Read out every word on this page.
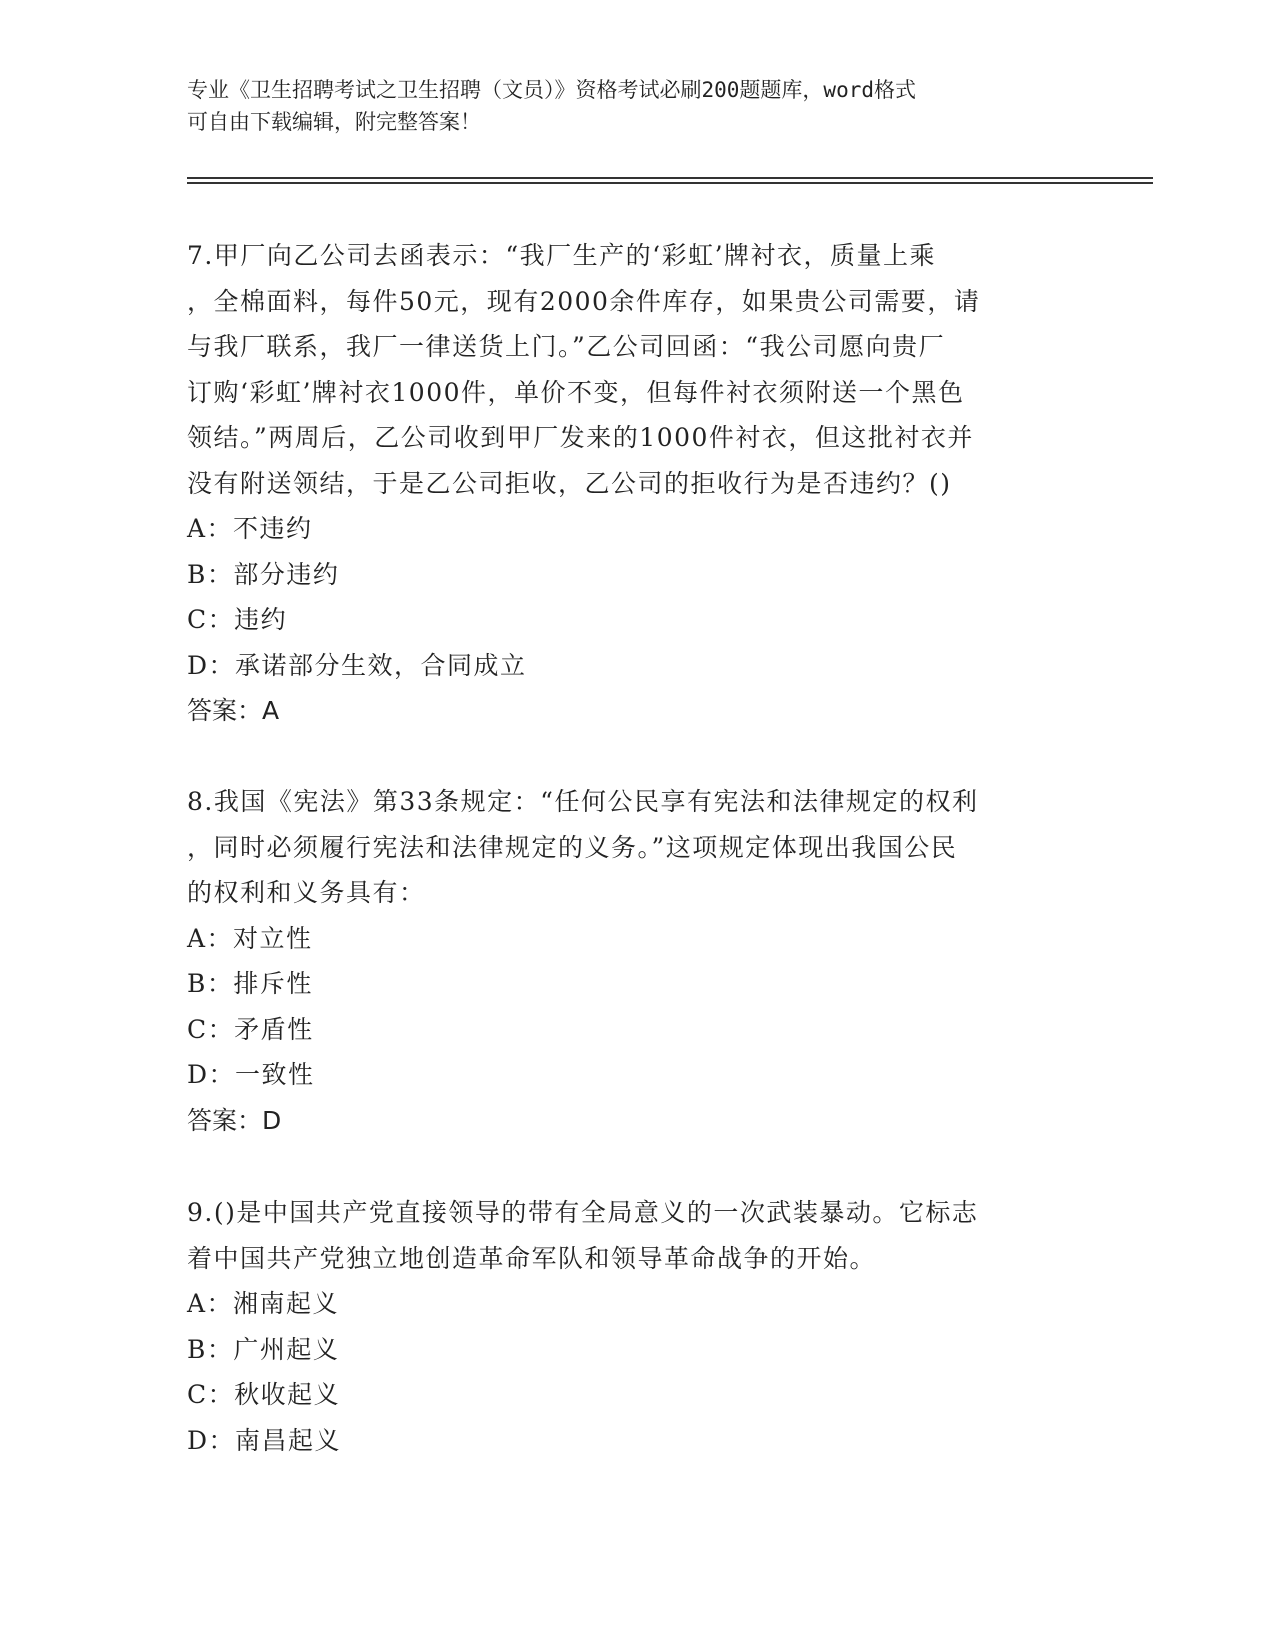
专业《卫生招聘考试之卫生招聘（文员）》资格考试必刷200题题库，word格式
可自由下载编辑，附完整答案！
7.甲厂向乙公司去函表示：“我厂生产的‘彩虹’牌衬衣，质量上乘
，全棉面料，每件50元，现有2000余件库存，如果贵公司需要，请
与我厂联系，我厂一律送货上门。”乙公司回函：“我公司愿向贵厂
订购‘彩虹’牌衬衣1000件，单价不变，但每件衬衣须附送一个黑色
领结。”两周后，乙公司收到甲厂发来的1000件衬衣，但这批衬衣并
没有附送领结，于是乙公司拒收，乙公司的拒收行为是否违约？()
A：不违约
B：部分违约
C：违约
D：承诺部分生效，合同成立
答案：A
8.我国《宪法》第33条规定：“任何公民享有宪法和法律规定的权利
，同时必须履行宪法和法律规定的义务。”这项规定体现出我国公民
的权利和义务具有：
A：对立性
B：排斥性
C：矛盾性
D：一致性
答案：D
9.()是中国共产党直接领导的带有全局意义的一次武装暴动。它标志
着中国共产党独立地创造革命军队和领导革命战争的开始。
A：湘南起义
B：广州起义
C：秋收起义
D：南昌起义
